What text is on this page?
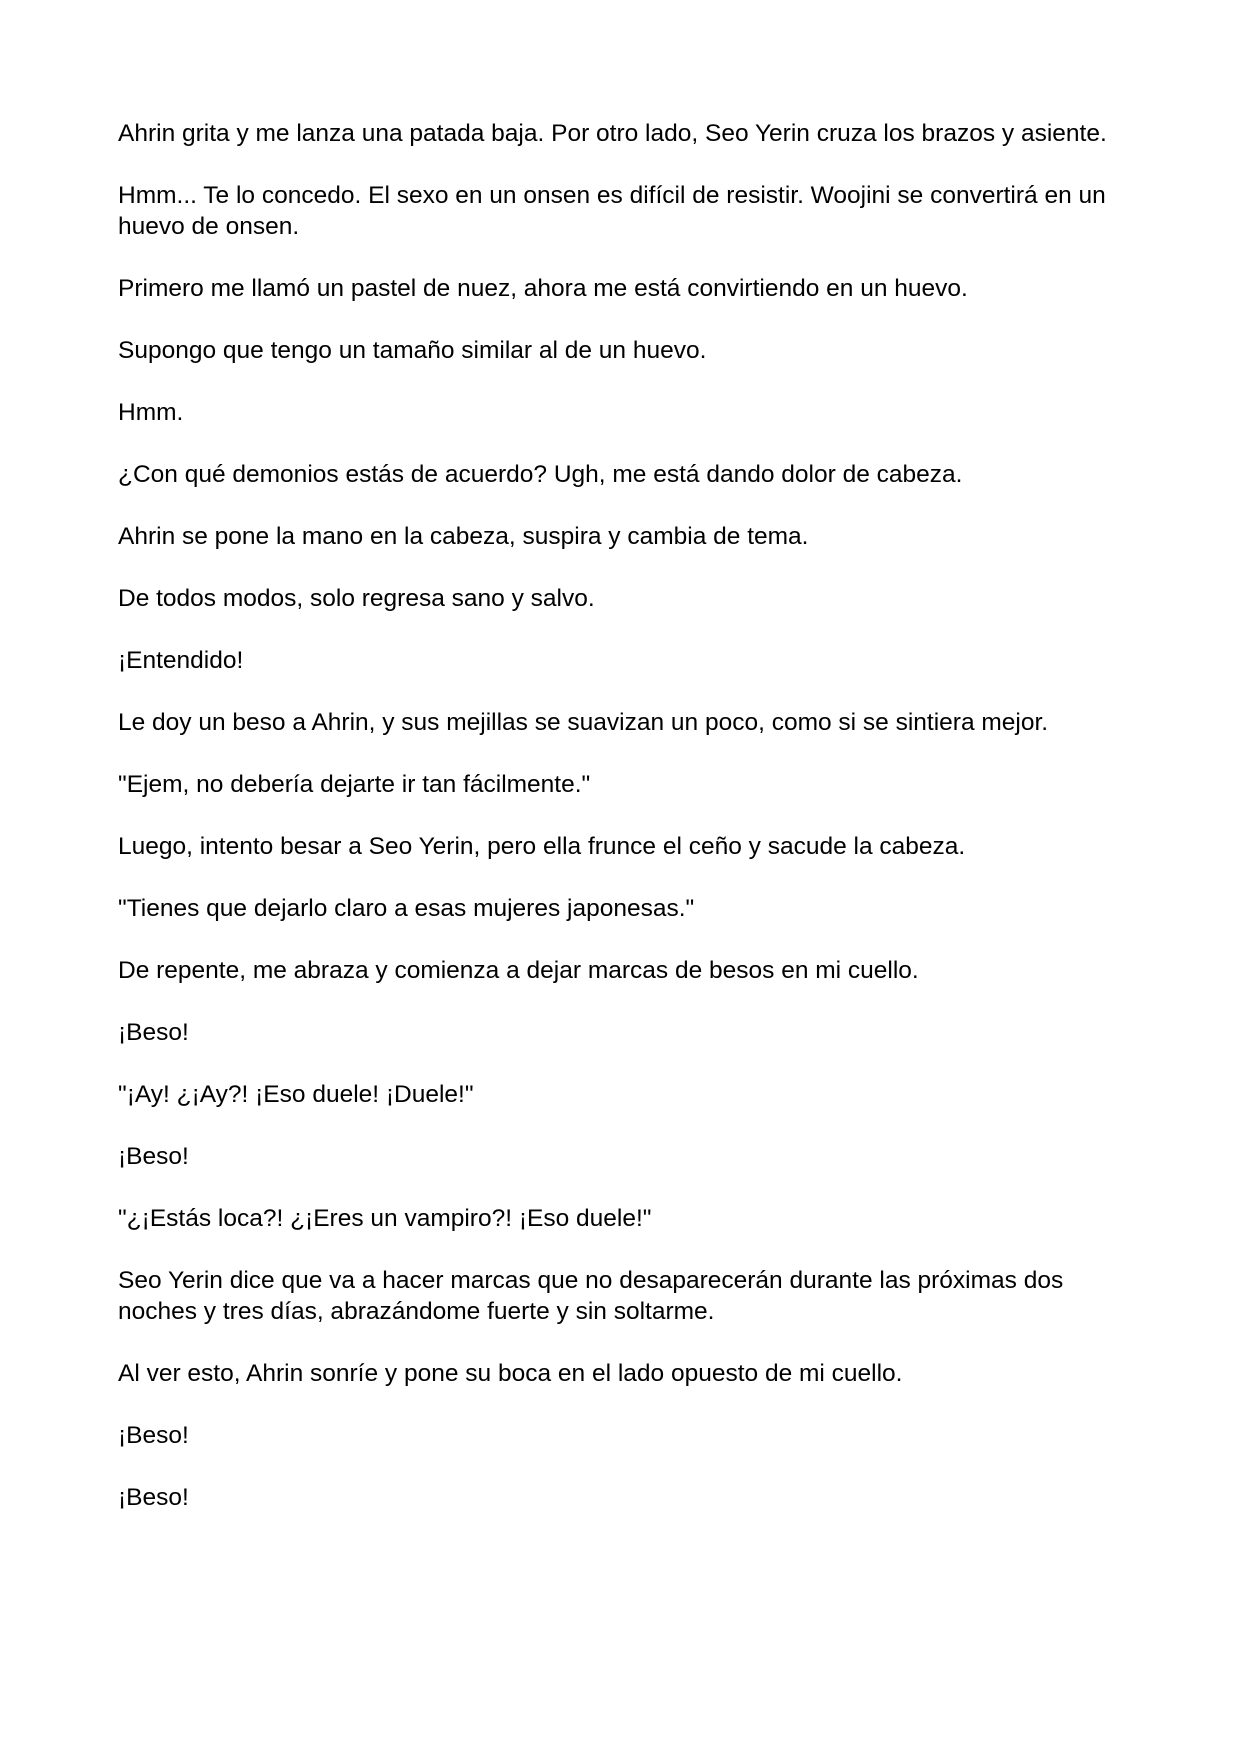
Ahrin grita y me lanza una patada baja. Por otro lado, Seo Yerin cruza los brazos y asiente.

Hmm... Te lo concedo. El sexo en un onsen es difícil de resistir. Woojini se convertirá en un huevo de onsen.

Primero me llamó un pastel de nuez, ahora me está convirtiendo en un huevo.

Supongo que tengo un tamaño similar al de un huevo.

Hmm.

¿Con qué demonios estás de acuerdo? Ugh, me está dando dolor de cabeza.

Ahrin se pone la mano en la cabeza, suspira y cambia de tema.

De todos modos, solo regresa sano y salvo.

¡Entendido!

Le doy un beso a Ahrin, y sus mejillas se suavizan un poco, como si se sintiera mejor.

"Ejem, no debería dejarte ir tan fácilmente."

Luego, intento besar a Seo Yerin, pero ella frunce el ceño y sacude la cabeza.

"Tienes que dejarlo claro a esas mujeres japonesas."

De repente, me abraza y comienza a dejar marcas de besos en mi cuello.

¡Beso!

"¡Ay! ¿¡Ay?! ¡Eso duele! ¡Duele!"

¡Beso!

"¿¡Estás loca?! ¿¡Eres un vampiro?! ¡Eso duele!"

Seo Yerin dice que va a hacer marcas que no desaparecerán durante las próximas dos noches y tres días, abrazándome fuerte y sin soltarme.

Al ver esto, Ahrin sonríe y pone su boca en el lado opuesto de mi cuello.

¡Beso!

¡Beso!
